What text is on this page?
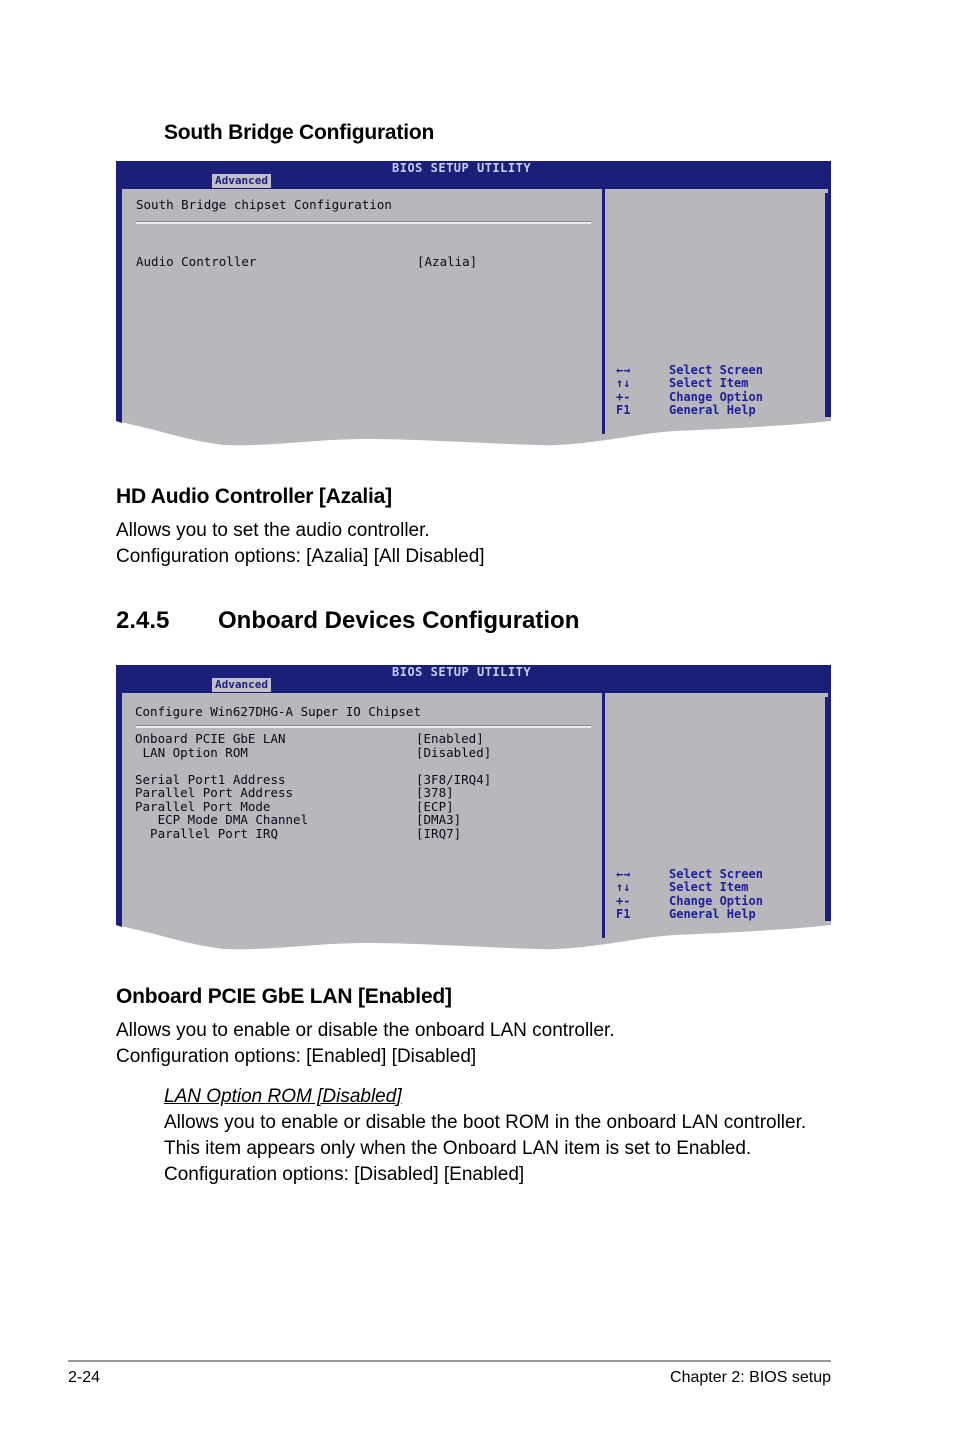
South Bridge Configuration
BIOS SETUP UTILITY
Advanced
South Bridge chipset Configuration
Audio Controller	[Azalia]
←→	Select Screen
↑↓	Select Item
+-	Change Option
F1	General Help
HD Audio Controller [Azalia]
Allows you to set the audio controller.
Configuration options: [Azalia] [All Disabled]
2.4.5 Onboard Devices Configuration
BIOS SETUP UTILITY
Advanced
Configure Win627DHG-A Super IO Chipset
Onboard PCIE GbE LAN	[Enabled]
LAN Option ROM	[Disabled]
Serial Port1 Address	[3F8/IRQ4]
Parallel Port Address	[378]
Parallel Port Mode	[ECP]
ECP Mode DMA Channel	[DMA3]
Parallel Port IRQ	[IRQ7]
←→	Select Screen
↑↓	Select Item
+-	Change Option
F1	General Help
Onboard PCIE GbE LAN [Enabled]
Allows you to enable or disable the onboard LAN controller.
Configuration options: [Enabled] [Disabled]
LAN Option ROM [Disabled]
Allows you to enable or disable the boot ROM in the onboard LAN controller.
This item appears only when the Onboard LAN item is set to Enabled.
Configuration options: [Disabled] [Enabled]
2-24	Chapter 2: BIOS setup
